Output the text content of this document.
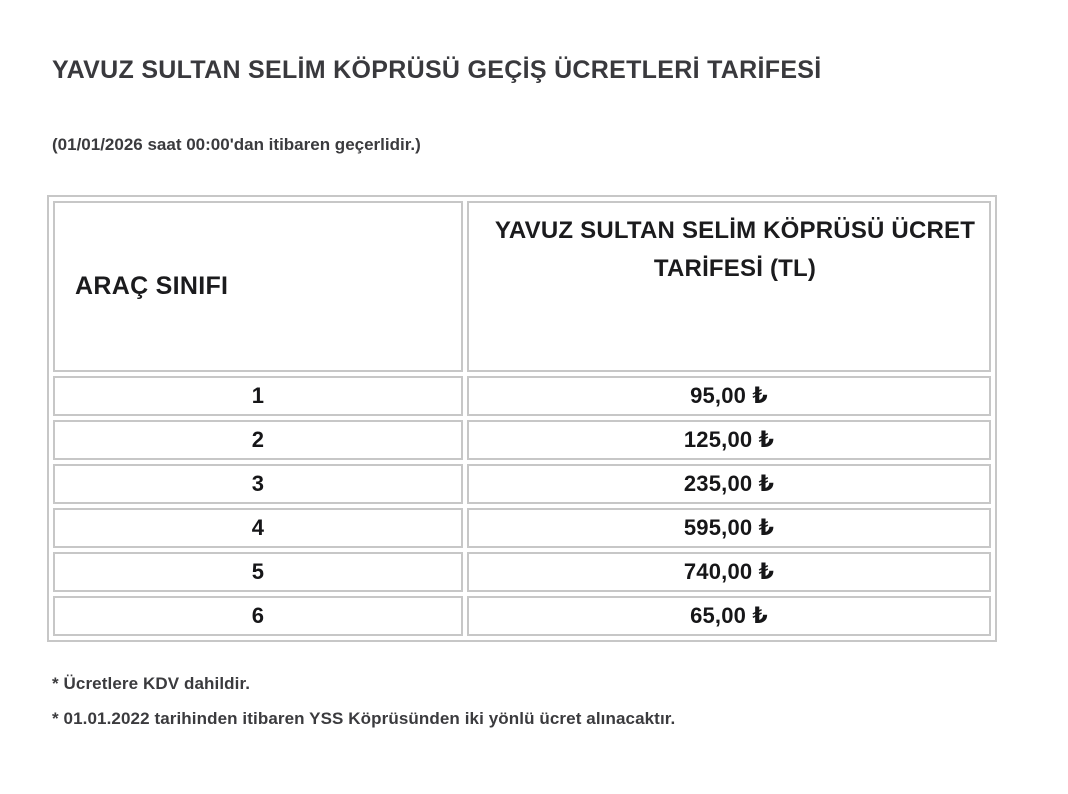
YAVUZ SULTAN SELİM KÖPRÜSÜ GEÇİŞ ÜCRETLERİ TARİFESİ

(01/01/2026 saat 00:00'dan itibaren geçerlidir.)

ARAÇ SINIFI	YAVUZ SULTAN SELİM KÖPRÜSÜ ÜCRET TARİFESİ (TL)

1	95,00 ₺
2	125,00 ₺
3	235,00 ₺
4	595,00 ₺
5	740,00 ₺
6	65,00 ₺

* Ücretlere KDV dahildir.

* 01.01.2022 tarihinden itibaren YSS Köprüsünden iki yönlü ücret alınacaktır.
